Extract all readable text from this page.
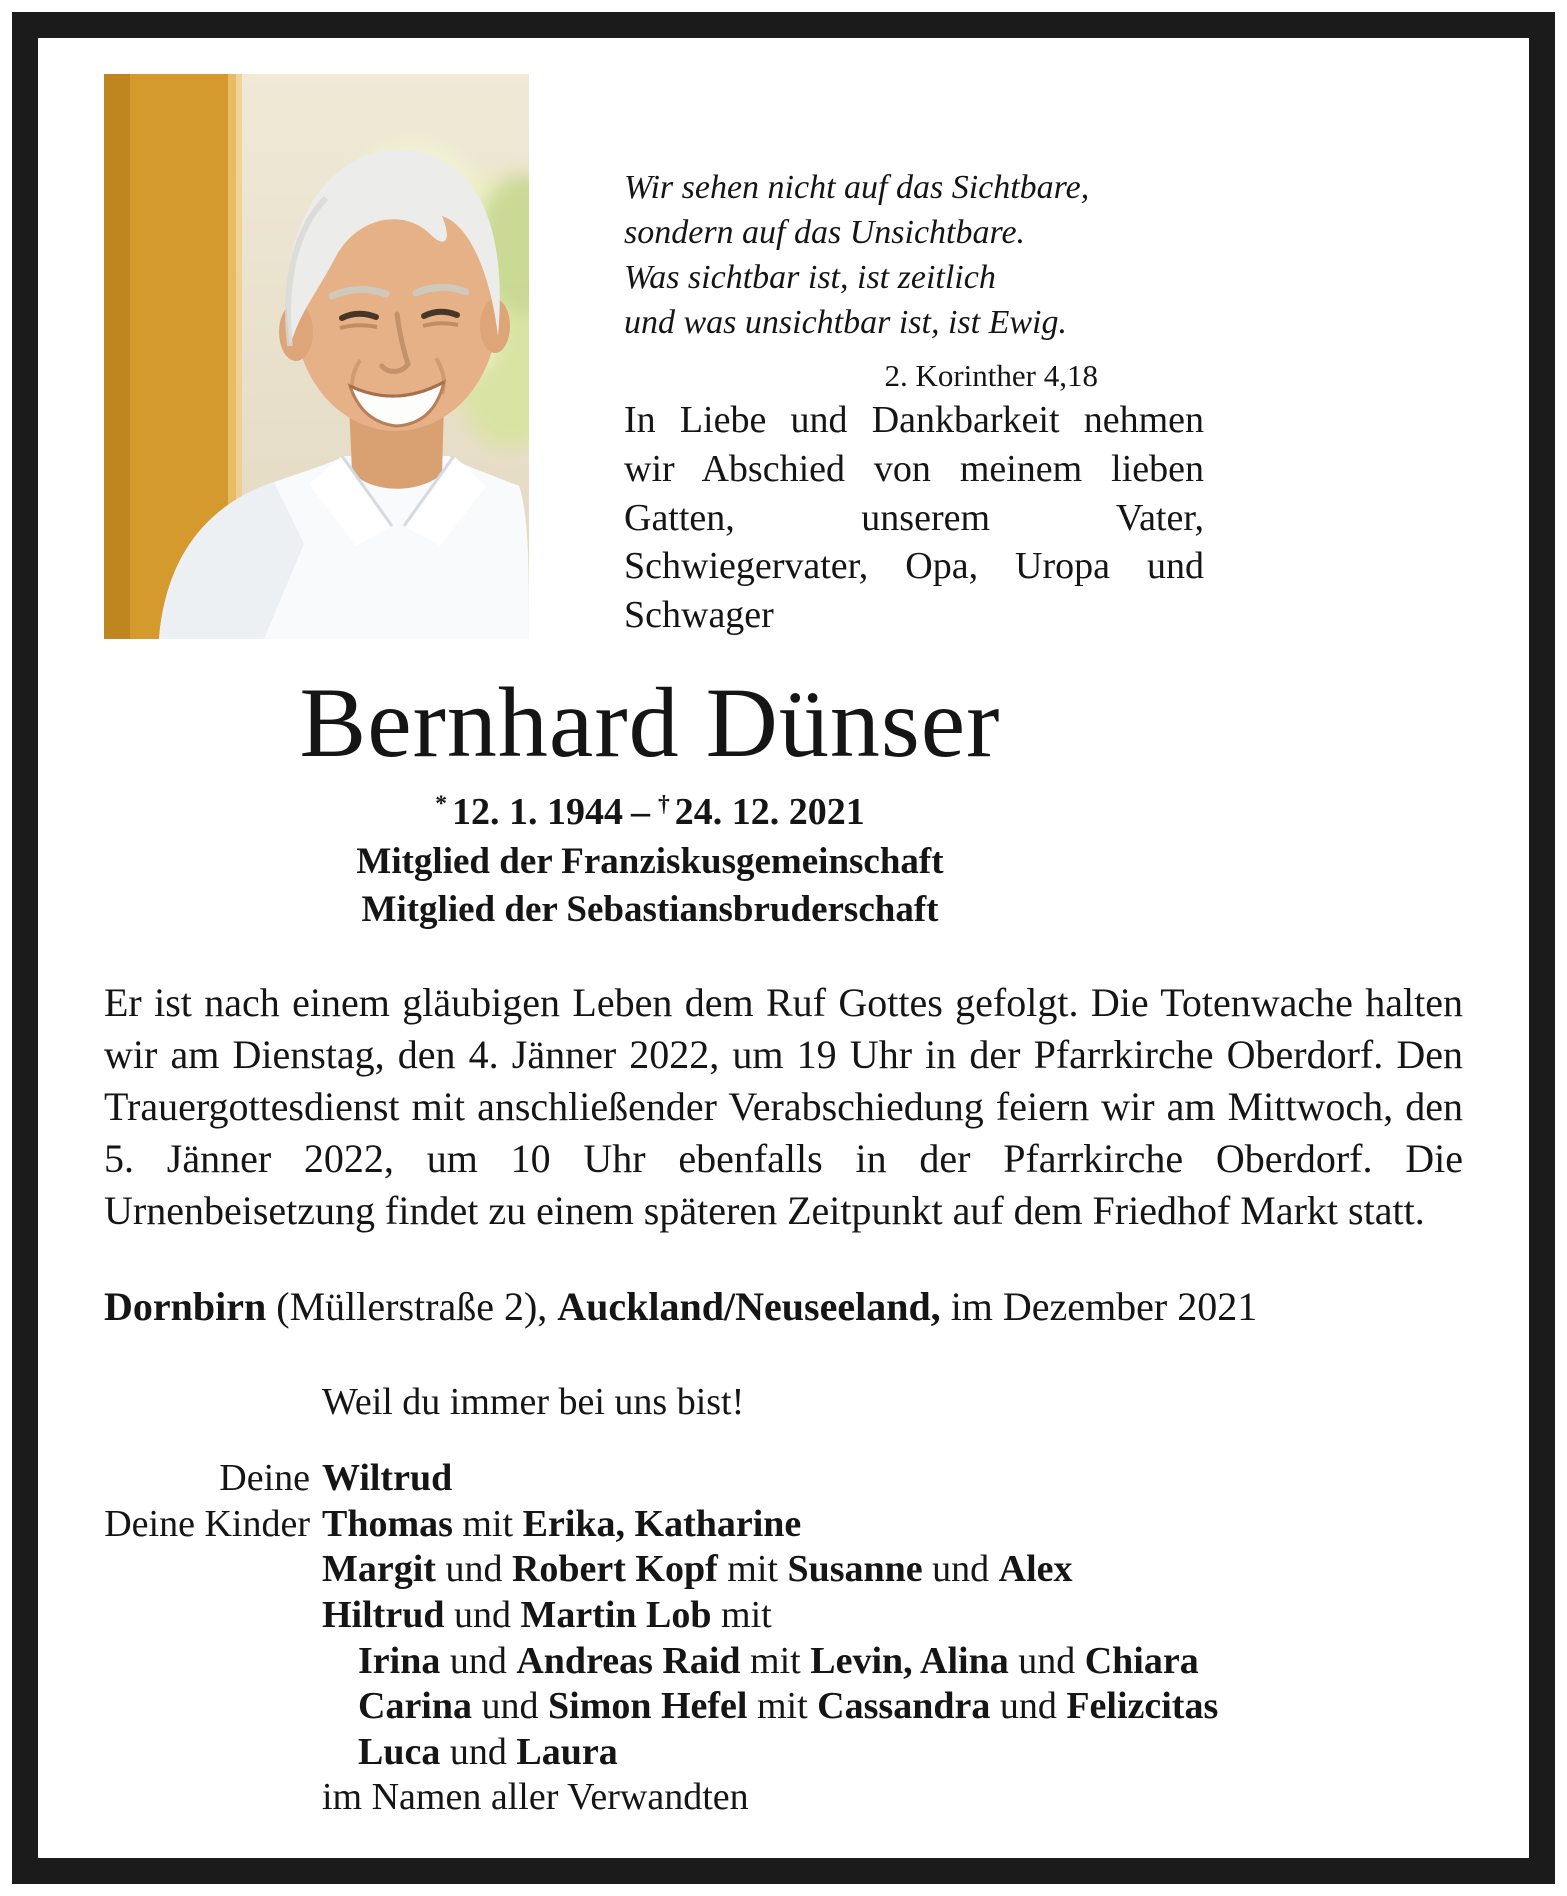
Wir sehen nicht auf das Sichtbare,
sondern auf das Unsichtbare.
Was sichtbar ist, ist zeitlich
und was unsichtbar ist, ist Ewig.
2. Korinther 4,18

In Liebe und Dankbarkeit nehmen wir Abschied von meinem lieben Gatten, unserem Vater, Schwiegervater, Opa, Uropa und Schwager

Bernhard Dünser
* 12. 1. 1944 – † 24. 12. 2021
Mitglied der Franziskusgemeinschaft
Mitglied der Sebastiansbruderschaft

Er ist nach einem gläubigen Leben dem Ruf Gottes gefolgt. Die Totenwache halten wir am Dienstag, den 4. Jänner 2022, um 19 Uhr in der Pfarrkirche Oberdorf. Den Trauergottesdienst mit anschließender Verabschiedung feiern wir am Mittwoch, den 5. Jänner 2022, um 10 Uhr ebenfalls in der Pfarrkirche Oberdorf. Die Urnenbeisetzung findet zu einem späteren Zeitpunkt auf dem Friedhof Markt statt.

Dornbirn (Müllerstraße 2), Auckland/Neuseeland, im Dezember 2021

Weil du immer bei uns bist!

Deine Wiltrud
Deine Kinder Thomas mit Erika, Katharine
Margit und Robert Kopf mit Susanne und Alex
Hiltrud und Martin Lob mit
Irina und Andreas Raid mit Levin, Alina und Chiara
Carina und Simon Hefel mit Cassandra und Felizcitas
Luca und Laura
im Namen aller Verwandten
